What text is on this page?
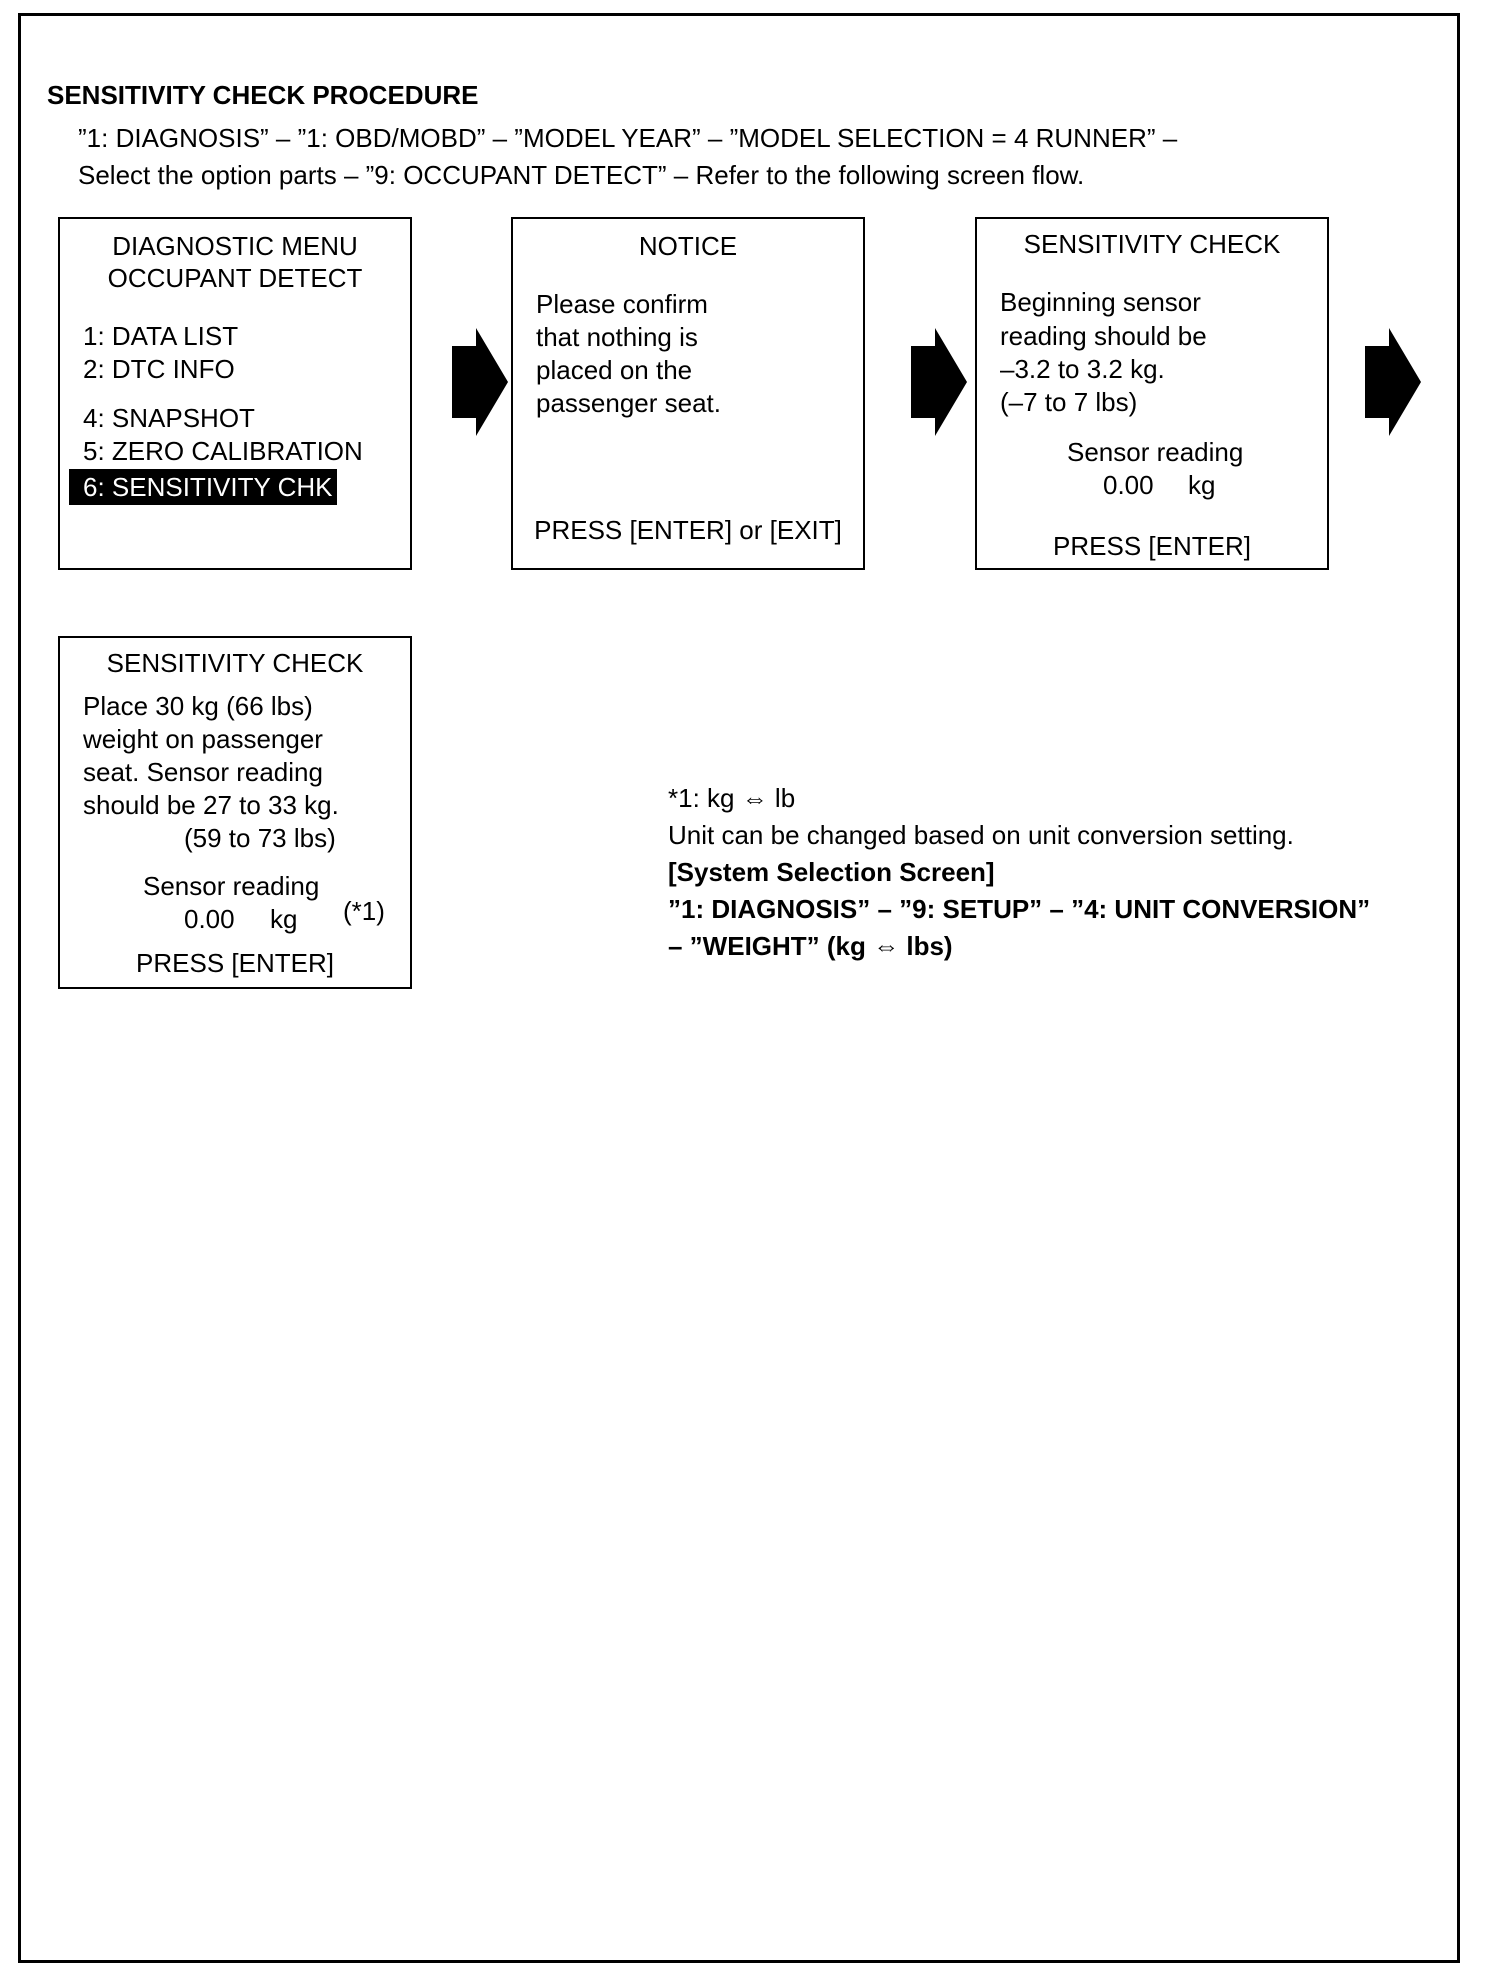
SENSITIVITY CHECK PROCEDURE
”1: DIAGNOSIS” – ”1: OBD/MOBD” – ”MODEL YEAR” – ”MODEL SELECTION = 4 RUNNER” –
Select the option parts – ”9: OCCUPANT DETECT” – Refer to the following screen flow.
DIAGNOSTIC MENU
OCCUPANT DETECT
1: DATA LIST
2: DTC INFO
4: SNAPSHOT
5: ZERO CALIBRATION
6: SENSITIVITY CHK
NOTICE
Please confirm
that nothing is
placed on the
passenger seat.
PRESS [ENTER] or [EXIT]
SENSITIVITY CHECK
Beginning sensor
reading should be
–3.2 to 3.2 kg.
(–7 to 7 lbs)
Sensor reading
0.00 kg
PRESS [ENTER]
SENSITIVITY CHECK
Place 30 kg (66 lbs)
weight on passenger
seat. Sensor reading
should be 27 to 33 kg.
(59 to 73 lbs)
Sensor reading
0.00 kg (*1)
PRESS [ENTER]
*1: kg ⇔ lb
Unit can be changed based on unit conversion setting.
[System Selection Screen]
”1: DIAGNOSIS” – ”9: SETUP” – ”4: UNIT CONVERSION”
– ”WEIGHT” (kg ⇔ lbs)
